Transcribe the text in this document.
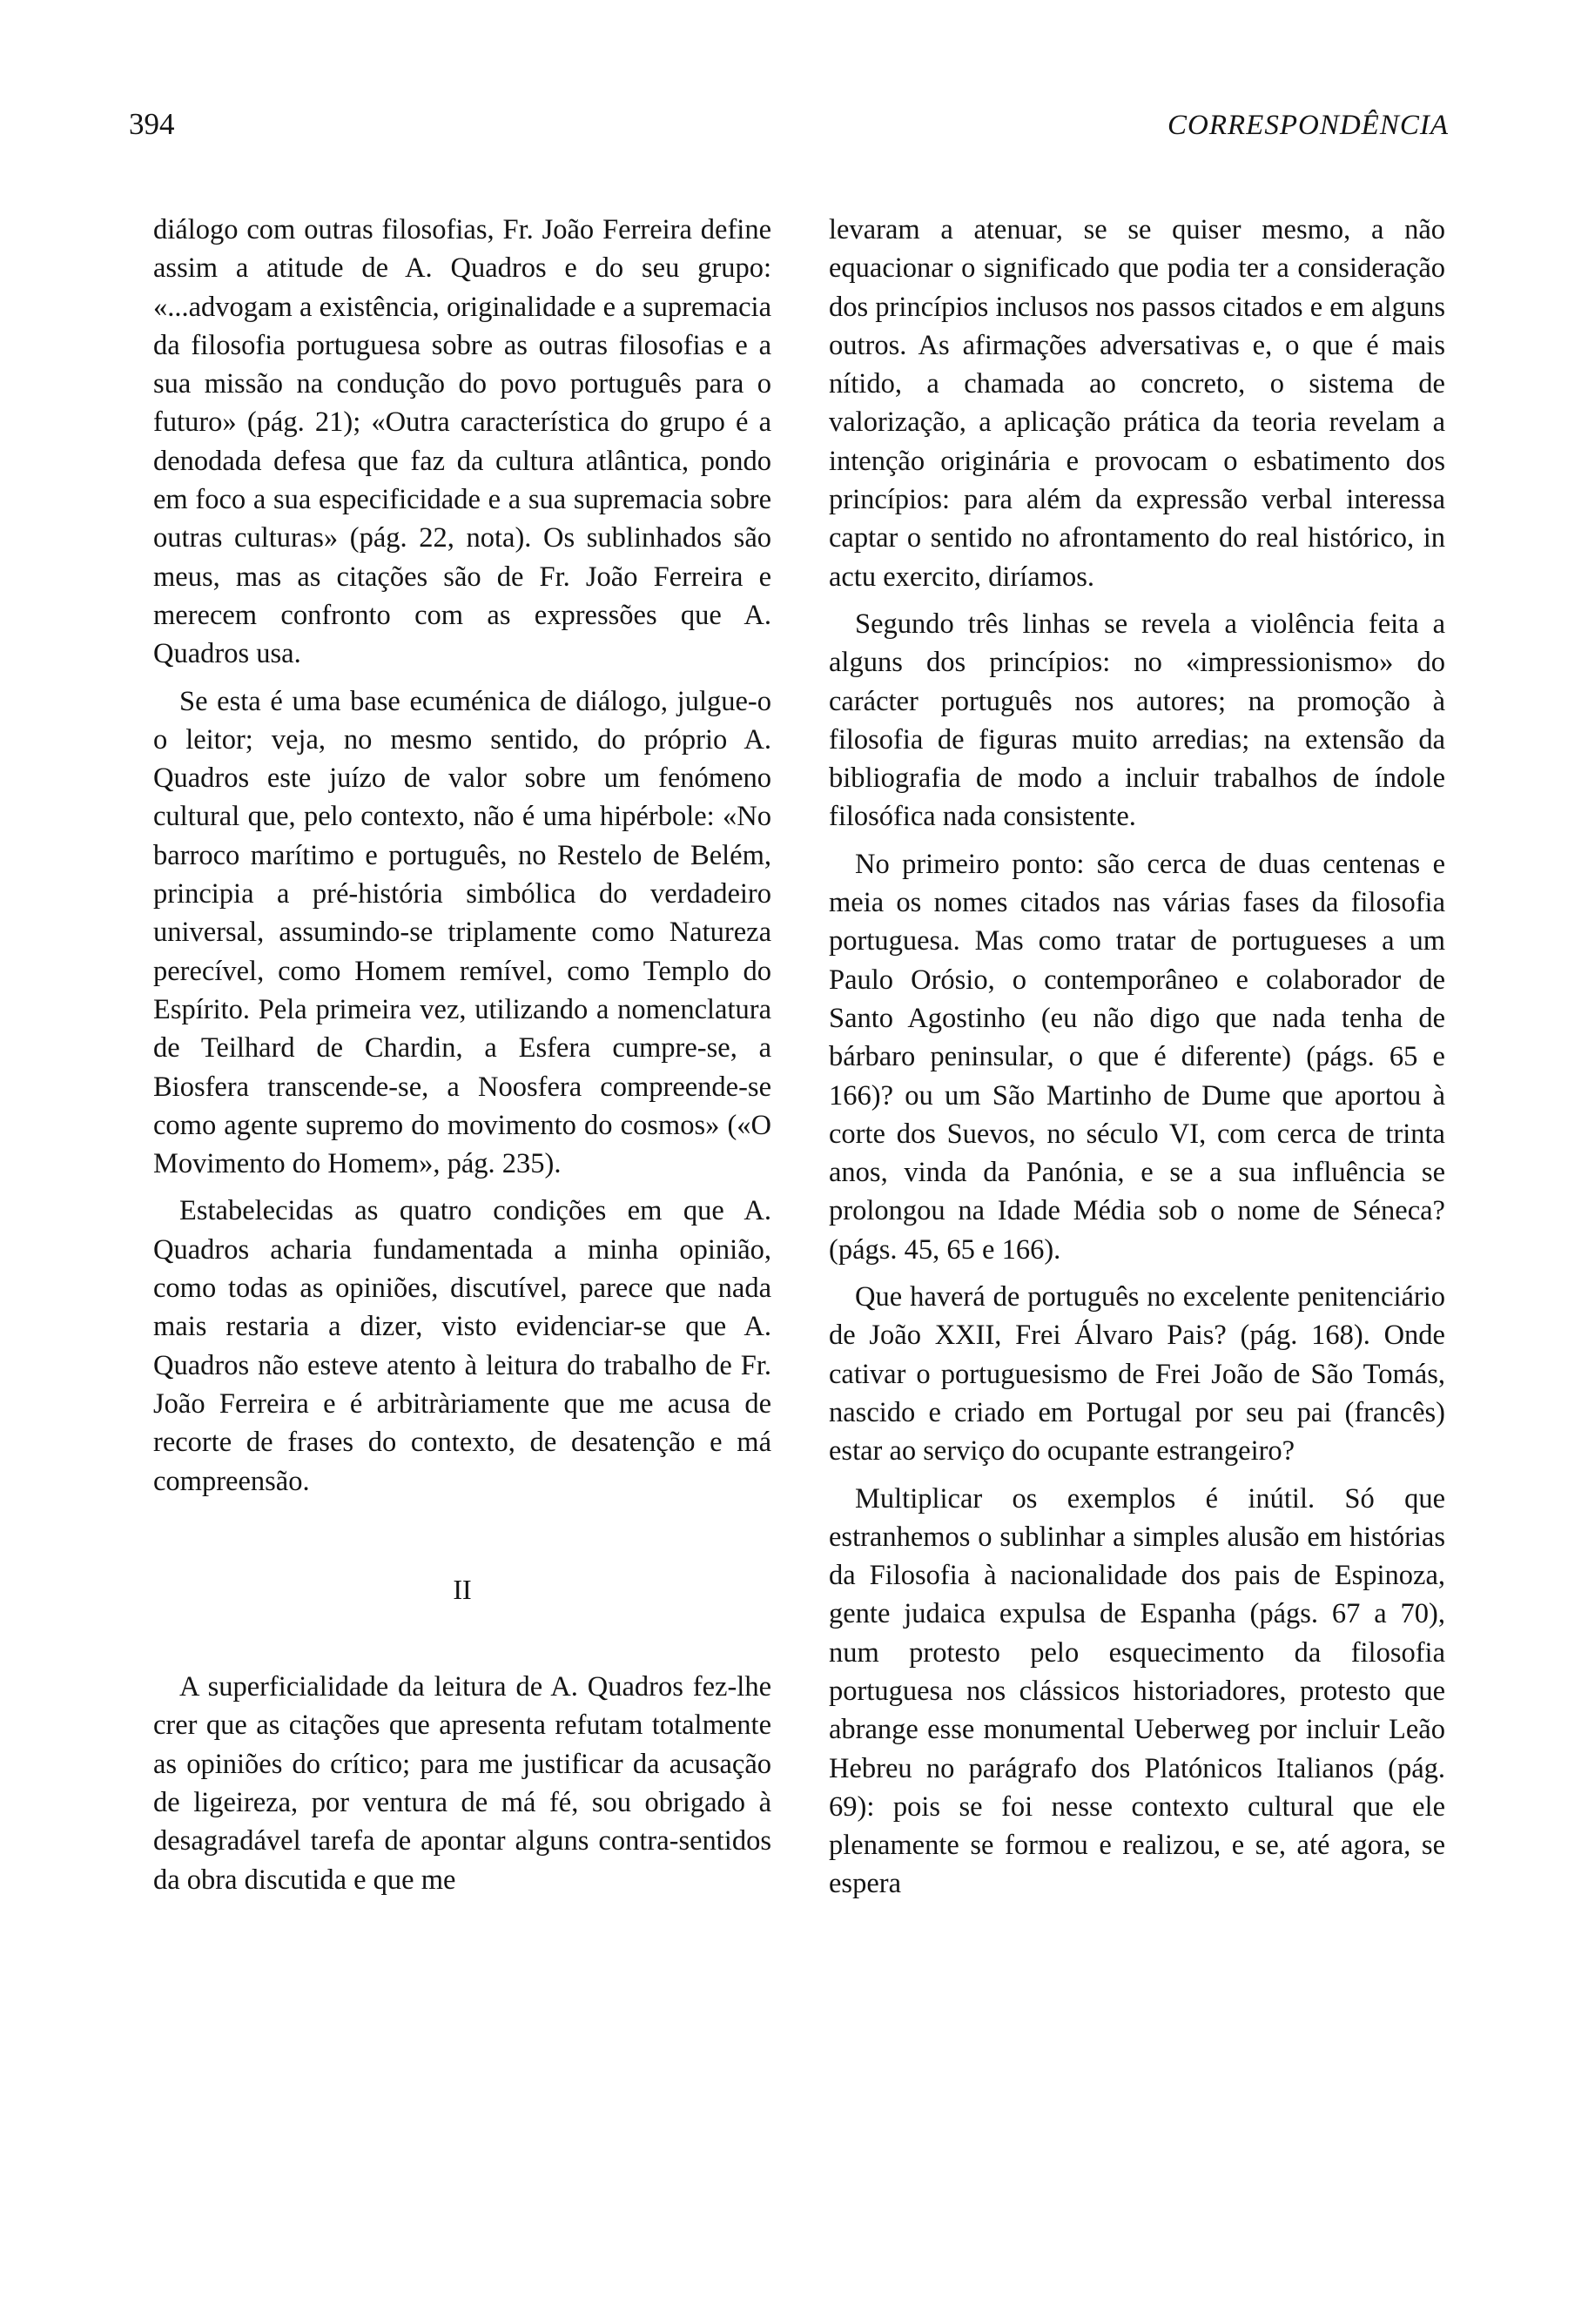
394	CORRESPONDÊNCIA

diálogo com outras filosofias, Fr. João Ferreira define assim a atitude de A. Quadros e do seu grupo: «...advogam a existência, originalidade e a supremacia da filosofia portuguesa sobre as outras filosofias e a sua missão na condução do povo português para o futuro» (pág. 21); «Outra característica do grupo é a denodada defesa que faz da cultura atlântica, pondo em foco a sua especificidade e a sua supremacia sobre outras culturas» (pág. 22, nota). Os sublinhados são meus, mas as citações são de Fr. João Ferreira e merecem confronto com as expressões que A. Quadros usa.

Se esta é uma base ecuménica de diálogo, julgue-o o leitor; veja, no mesmo sentido, do próprio A. Quadros este juízo de valor sobre um fenómeno cultural que, pelo contexto, não é uma hipérbole: «No barroco marítimo e português, no Restelo de Belém, principia a pré-história simbólica do verdadeiro universal, assumindo-se triplamente como Natureza perecível, como Homem remível, como Templo do Espírito. Pela primeira vez, utilizando a nomenclatura de Teilhard de Chardin, a Esfera cumpre-se, a Biosfera transcende-se, a Noosfera compreende-se como agente supremo do movimento do cosmos» («O Movimento do Homem», pág. 235).

Estabelecidas as quatro condições em que A. Quadros acharia fundamentada a minha opinião, como todas as opiniões, discutível, parece que nada mais restaria a dizer, visto evidenciar-se que A. Quadros não esteve atento à leitura do trabalho de Fr. João Ferreira e é arbitràriamente que me acusa de recorte de frases do contexto, de desatenção e má compreensão.

II

A superficialidade da leitura de A. Quadros fez-lhe crer que as citações que apresenta refutam totalmente as opiniões do crítico; para me justificar da acusação de ligeireza, por ventura de má fé, sou obrigado à desagradável tarefa de apontar alguns contra-sentidos da obra discutida e que me

levaram a atenuar, se se quiser mesmo, a não equacionar o significado que podia ter a consideração dos princípios inclusos nos passos citados e em alguns outros. As afirmações adversativas e, o que é mais nítido, a chamada ao concreto, o sistema de valorização, a aplicação prática da teoria revelam a intenção originária e provocam o esbatimento dos princípios: para além da expressão verbal interessa captar o sentido no afrontamento do real histórico, in actu exercito, diríamos.

Segundo três linhas se revela a violência feita a alguns dos princípios: no «impressionismo» do carácter português nos autores; na promoção à filosofia de figuras muito arredias; na extensão da bibliografia de modo a incluir trabalhos de índole filosófica nada consistente.

No primeiro ponto: são cerca de duas centenas e meia os nomes citados nas várias fases da filosofia portuguesa. Mas como tratar de portugueses a um Paulo Orósio, o contemporâneo e colaborador de Santo Agostinho (eu não digo que nada tenha de bárbaro peninsular, o que é diferente) (págs. 65 e 166)? ou um São Martinho de Dume que aportou à corte dos Suevos, no século VI, com cerca de trinta anos, vinda da Panónia, e se a sua influência se prolongou na Idade Média sob o nome de Séneca? (págs. 45, 65 e 166).

Que haverá de português no excelente penitenciário de João XXII, Frei Álvaro Pais? (pág. 168). Onde cativar o portuguesismo de Frei João de São Tomás, nascido e criado em Portugal por seu pai (francês) estar ao serviço do ocupante estrangeiro?

Multiplicar os exemplos é inútil. Só que estranhemos o sublinhar a simples alusão em histórias da Filosofia à nacionalidade dos pais de Espinoza, gente judaica expulsa de Espanha (págs. 67 a 70), num protesto pelo esquecimento da filosofia portuguesa nos clássicos historiadores, protesto que abrange esse monumental Ueberweg por incluir Leão Hebreu no parágrafo dos Platónicos Italianos (pág. 69): pois se foi nesse contexto cultural que ele plenamente se formou e realizou, e se, até agora, se espera
